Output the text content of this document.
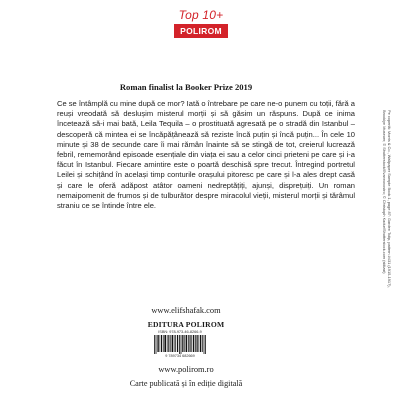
Top 10+
POLIROM
Roman finalist la Booker Prize 2019

Ce se întâmplă cu mine după ce mor? Iată o întrebare pe care ne-o punem cu toții, fără a reuși vreodată să deslușim misterul morții și să găsim un răspuns. După ce inima încetează să-i mai bată, Leila Tequila – o prostituată agresată pe o stradă din Istanbul – descoperă că mintea ei se încăpățânează să reziste încă puțin și încă puțin... În cele 10 minute și 38 de secunde care îi mai rămân înainte să se stingă de tot, creierul lucrează febril, rememorând episoade esențiale din viața ei sau a celor cinci prieteni pe care și i-a făcut în Istanbul. Fiecare amintire este o poartă deschisă spre trecut. Întregind portretul Leilei și schițând în același timp conturile orașului pitoresc pe care și l-a ales drept casă și care le oferă adăpost atâtor oameni nedreptățiți, ajunși, disprețuiți. Un roman nemaipomenit de frumos și de tulburător despre miracolul vieții, misterul morții și tărâmul straniu ce se întinde între ele.

www.elifshafak.com
EDITURA POLIROM
ISBN: 978-973-46-8266-9
9 789734 682669
www.polirom.ro
Carte publicată și în ediție digitală
Pe copertă: Morris & Co., Wallpaper Sample Book 1, page 87: Garden Tulip, pattern #431 (1915-1917),
Brooklyn Museum; © Shutterstock/Evannovostro; © Christoph Kadur/Shutterstock.com (stilizat)
